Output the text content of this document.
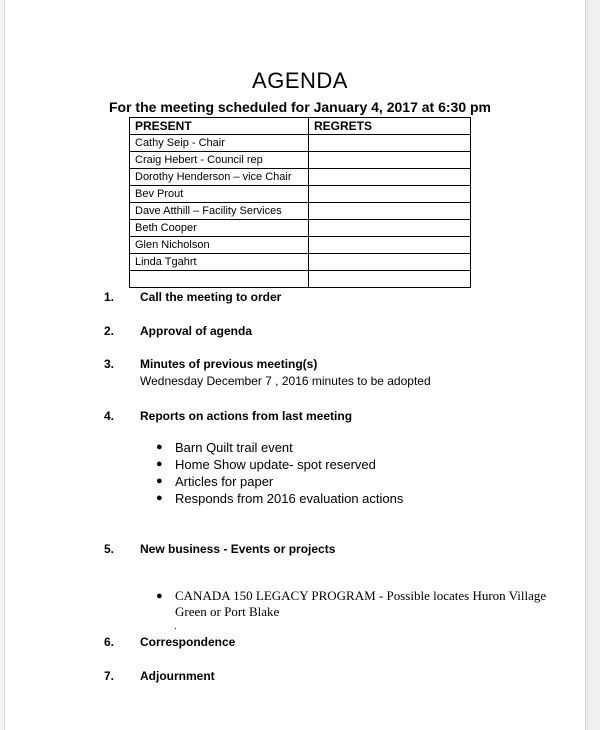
AGENDA
For the meeting scheduled for January 4, 2017 at 6:30 pm
PRESENT	REGRETS
Cathy Seip - Chair	
Craig Hebert - Council rep	
Dorothy Henderson – vice Chair	
Bev Prout	
Dave Atthill – Facility Services	
Beth Cooper	
Glen Nicholson	
Linda Tgahrt	

1. Call the meeting to order
2. Approval of agenda
3. Minutes of previous meeting(s)
Wednesday December 7 , 2016 minutes to be adopted
4. Reports on actions from last meeting
● Barn Quilt trail event
● Home Show update- spot reserved
● Articles for paper
● Responds from 2016 evaluation actions
5. New business - Events or projects
● CANADA 150 LEGACY PROGRAM - Possible locates Huron Village Green or Port Blake
.
6. Correspondence
7. Adjournment
